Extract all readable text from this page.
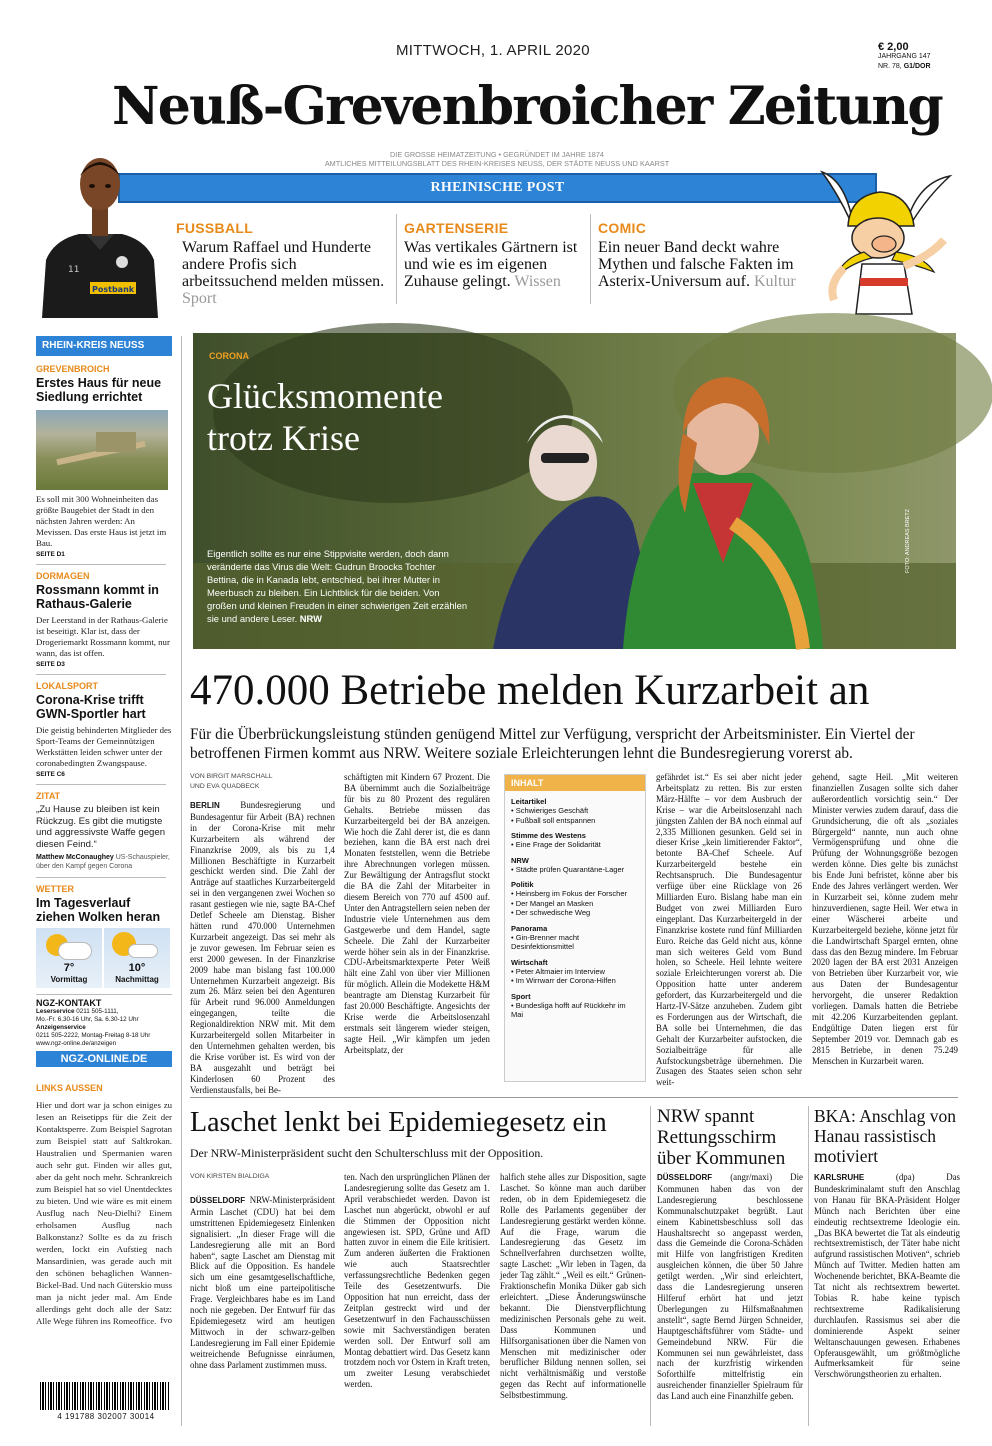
MITTWOCH, 1. APRIL 2020	€ 2,00
JAHRGANG 147
NR. 78, G1/DOR
Neuß-Grevenbroicher Zeitung
DIE GROSSE HEIMATZEITUNG • GEGRÜNDET IM JAHRE 1874
AMTLICHES MITTEILUNGSBLATT DES RHEIN-KREISES NEUSS, DER STÄDTE NEUSS UND KAARST
RHEINISCHE POST
Postbank
11
FUSSBALL
Warum Raffael und Hunderte andere Profis sich arbeitssuchend melden müssen. Sport
GARTENSERIE
Was vertikales Gärtnern ist und wie es im eigenen Zuhause gelingt. Wissen
COMIC
Ein neuer Band deckt wahre Mythen und falsche Fakten im Asterix-Universum auf. Kultur
RHEIN-KREIS NEUSS
GREVENBROICH
Erstes Haus für neue Siedlung errichtet
Es soll mit 300 Wohneinheiten das größte Baugebiet der Stadt in den nächsten Jahren werden: An Mevissen. Das erste Haus ist jetzt im Bau.
SEITE D1
DORMAGEN
Rossmann kommt in Rathaus-Galerie
Der Leerstand in der Rathaus-Galerie ist beseitigt. Klar ist, dass der Drogeriemarkt Rossmann kommt, nur wann, das ist offen.
SEITE D3
LOKALSPORT
Corona-Krise trifft GWN-Sportler hart
Die geistig behinderten Mitglieder des Sport-Teams der Gemeinnützigen Werkstätten leiden schwer unter der coronabedingten Zwangspause.
SEITE C6
ZITAT
„Zu Hause zu bleiben ist kein Rückzug. Es gibt die mutigste und aggressivste Waffe gegen diesen Feind.“
Matthew McConaughey US-Schauspieler, über den Kampf gegen Corona
WETTER
Im Tagesverlauf ziehen Wolken heran
7°
Vormittag
10°
Nachmittag
NGZ-KONTAKT
Leserservice 0211 505-1111,
Mo.-Fr. 6.30-16 Uhr, Sa. 6.30-12 Uhr
Anzeigenservice
0211 505-2222, Montag-Freitag 8-18 Uhr
www.ngz-online.de/anzeigen
NGZ-ONLINE.DE
LINKS AUSSEN
Hier und dort war ja schon einiges zu lesen an Reisetipps für die Zeit der Kontaktsperre. Zum Beispiel Sagrotan zum Beispiel statt auf Saltkrokan. Haustralien und Spermanien waren auch sehr gut. Finden wir alles gut, aber da geht noch mehr. Schrankreich zum Beispiel hat so viel Unentdecktes zu bieten. Und wie wäre es mit einem Ausflug nach Neu-Dielhi? Einem erholsamen Ausflug nach Balkonstanz? Sollte es da zu frisch werden, lockt ein Aufstieg nach Mansardinien, was gerade auch mit den schönen behaglichen Wannen-Bickel-Bad. Und nach Güterskio muss man ja nicht jeder mal. Am Ende allerdings geht doch alle der Satz: Alle Wege führen ins Romeoffice. fvo
4 191788 302007 30014
CORONA
Glücksmomente trotz Krise
Eigentlich sollte es nur eine Stippvisite werden, doch dann veränderte das Virus die Welt: Gudrun Broocks Tochter Bettina, die in Kanada lebt, entschied, bei ihrer Mutter in Meerbusch zu bleiben. Ein Lichtblick für die beiden. Von großen und kleinen Freuden in einer schwierigen Zeit erzählen sie und andere Leser. NRW
FOTO: ANDREAS BRETZ
470.000 Betriebe melden Kurzarbeit an
Für die Überbrückungsleistung stünden genügend Mittel zur Verfügung, verspricht der Arbeitsminister. Ein Viertel der betroffenen Firmen kommt aus NRW. Weitere soziale Erleichterungen lehnt die Bundesregierung vorerst ab.
VON BIRGIT MARSCHALL
UND EVA QUADBECK
BERLIN Bundesregierung und Bundesagentur für Arbeit (BA) rechnen in der Corona-Krise mit mehr Kurzarbeitern als während der Finanzkrise 2009, als bis zu 1,4 Millionen Beschäftigte in Kurzarbeit geschickt werden sind. Die Zahl der Anträge auf staatliches Kurzarbeitergeld sei in den vergangenen zwei Wochen so rasant gestiegen wie nie, sagte BA-Chef Detlef Scheele am Dienstag. Bisher hätten rund 470.000 Unternehmen Kurzarbeit angezeigt. Das sei mehr als je zuvor gewesen. Im Februar seien es erst 2000 gewesen. In der Finanzkrise 2009 habe man bislang fast 100.000 Unternehmen Kurzarbeit angezeigt. Bis zum 26. März seien bei den Agenturen für Arbeit rund 96.000 Anmeldungen eingegangen, teilte die Regionaldirektion NRW mit. Mit dem Kurzarbeitergeld sollen Mitarbeiter in den Unternehmen gehalten werden, bis die Krise vorüber ist. Es wird von der BA ausgezahlt und beträgt bei Kinderlosen 60 Prozent des Verdienstausfalls, bei Be-
schäftigten mit Kindern 67 Prozent. Die BA übernimmt auch die Sozialbeiträge für bis zu 80 Prozent des regulären Gehalts. Betriebe müssen das Kurzarbeitergeld bei der BA anzeigen. Wie hoch die Zahl derer ist, die es dann beziehen, kann die BA erst nach drei Monaten feststellen, wenn die Betriebe ihre Abrechnungen vorlegen müssen. Zur Bewältigung der Antragsflut stockt die BA die Zahl der Mitarbeiter in diesem Bereich von 770 auf 4500 auf. Unter den Antragstellern seien neben der Industrie viele Unternehmen aus dem Gastgewerbe und dem Handel, sagte Scheele. Die Zahl der Kurzarbeiter werde höher sein als in der Finanzkrise. CDU-Arbeitsmarktexperte Peter Weiß hält eine Zahl von über vier Millionen für möglich. Allein die Modekette H&M beantragte am Dienstag Kurzarbeit für fast 20.000 Beschäftigte. Angesichts der Krise werde die Arbeitslosenzahl erstmals seit längerem wieder steigen, sagte Heil. „Wir kämpfen um jeden Arbeitsplatz, der
INHALT
Leitartikel
• Schwieriges Geschäft
• Fußball soll entspannen
Stimme des Westens
• Eine Frage der Solidarität
NRW
• Städte prüfen Quarantäne-Lager
Politik
• Heinsberg im Fokus der Forscher
• Der Mangel an Masken
• Der schwedische Weg
Panorama
• Gin-Brenner macht Desinfektionsmittel
Wirtschaft
• Peter Altmaier im Interview
• Im Wirrwarr der Corona-Hilfen
Sport
• Bundesliga hofft auf Rückkehr im Mai
gefährdet ist.“ Es sei aber nicht jeder Arbeitsplatz zu retten. Bis zur ersten März-Hälfte – vor dem Ausbruch der Krise – war die Arbeitslosenzahl nach jüngsten Zahlen der BA noch einmal auf 2,335 Millionen gesunken. Geld sei in dieser Krise „kein limitierender Faktor“, betonte BA-Chef Scheele. Auf Kurzarbeitergeld bestehe ein Rechtsanspruch. Die Bundesagentur verfüge über eine Rücklage von 26 Milliarden Euro. Bislang habe man ein Budget von zwei Milliarden Euro eingeplant. Das Kurzarbeitergeld in der Finanzkrise kostete rund fünf Milliarden Euro. Reiche das Geld nicht aus, könne man sich weiteres Geld vom Bund holen, so Scheele. Heil lehnte weitere soziale Erleichterungen vorerst ab. Die Opposition hatte unter anderem gefordert, das Kurzarbeitergeld und die Hartz-IV-Sätze anzuheben. Zudem gibt es Forderungen aus der Wirtschaft, die BA solle bei Unternehmen, die das Gehalt der Kurzarbeiter aufstocken, die Sozialbeiträge für alle Aufstockungsbeträge übernehmen. Die Zusagen des Staates seien schon sehr weit-
gehend, sagte Heil. „Mit weiteren finanziellen Zusagen sollte sich daher außerordentlich vorsichtig sein.“ Der Minister verwies zudem darauf, dass die Grundsicherung, die oft als „soziales Bürgergeld“ nannte, nun auch ohne Vermögensprüfung und ohne die Prüfung der Wohnungsgröße bezogen werden könne. Dies gelte bis zunächst bis Ende Juni befristet, könne aber bis Ende des Jahres verlängert werden. Wer in Kurzarbeit sei, könne zudem mehr hinzuverdienen, sagte Heil. Wer etwa in einer Wäscherei arbeite und Kurzarbeitergeld beziehe, könne jetzt für die Landwirtschaft Spargel ernten, ohne dass das den Bezug mindere. Im Februar 2020 lagen der BA erst 2031 Anzeigen von Betrieben über Kurzarbeit vor, wie aus Daten der Bundesagentur hervorgeht, die unserer Redaktion vorliegen. Damals hatten die Betriebe mit 42.206 Kurzarbeitenden geplant. Endgültige Daten liegen erst für September 2019 vor. Demnach gab es 2815 Betriebe, in denen 75.249 Menschen in Kurzarbeit waren.
Laschet lenkt bei Epidemiegesetz ein
Der NRW-Ministerpräsident sucht den Schulterschluss mit der Opposition.
VON KIRSTEN BIALDIGA
DÜSSELDORF NRW-Ministerpräsident Armin Laschet (CDU) hat bei dem umstrittenen Epidemiegesetz Einlenken signalisiert. „In dieser Frage will die Landesregierung alle mit an Bord haben“, sagte Laschet am Dienstag mit Blick auf die Opposition. Es handele sich um eine gesamtgesellschaftliche, nicht bloß um eine parteipolitische Frage. Vergleichbares habe es im Land noch nie gegeben. Der Entwurf für das Epidemiegesetz wird am heutigen Mittwoch in der schwarz-gelben Landesregierung im Fall einer Epidemie weitreichende Befugnisse einräumen, ohne dass Parlament zustimmen muss.
ten. Nach den ursprünglichen Plänen der Landesregierung sollte das Gesetz am 1. April verabschiedet werden. Davon ist Laschet nun abgerückt, obwohl er auf die Stimmen der Opposition nicht angewiesen ist. SPD, Grüne und AfD hatten zuvor in einem die Eile kritisiert. Zum anderen äußerten die Fraktionen wie auch Staatsrechtler verfassungsrechtliche Bedenken gegen Teile des Gesetzentwurfs. Die Opposition hat nun erreicht, dass der Zeitplan gestreckt wird und der Gesetzentwurf in den Fachausschüssen sowie mit Sachverständigen beraten werden soll. Der Entwurf soll am Montag debattiert wird. Das Gesetz kann trotzdem noch vor Ostern in Kraft treten, um zweiter Lesung verabschiedet werden.
halfich stehe alles zur Disposition, sagte Laschet. So könne man auch darüber reden, ob in dem Epidemiegesetz die Rolle des Parlaments gegenüber der Landesregierung gestärkt werden könne. Auf die Frage, warum die Landesregierung das Gesetz im Schnellverfahren durchsetzen wollte, sagte Laschet: „Wir leben in Tagen, da jeder Tag zählt.“ „Weil es eilt.“ Grünen-Fraktionschefin Monika Düker gab sich erleichtert. „Diese Änderungswünsche bekannt. Die Dienstverpflichtung medizinischen Personals gehe zu weit. Dass Kommunen und Hilfsorganisationen über die Namen von Menschen mit medizinischer oder beruflicher Bildung nennen sollen, sei nicht verhältnismäßig und verstoße gegen das Recht auf informationelle Selbstbestimmung.
NRW spannt Rettungsschirm über Kommunen
DÜSSELDORF (angr/maxi) Die Kommunen haben das von der Landesregierung beschlossene Kommunalschutzpaket begrüßt. Laut einem Kabinettsbeschluss soll das Haushaltsrecht so angepasst werden, dass die Gemeinde die Corona-Schäden mit Hilfe von langfristigen Krediten ausgleichen können, die über 50 Jahre getilgt werden. „Wir sind erleichtert, dass die Landesregierung unseren Hilferuf erhört hat und jetzt Überlegungen zu Hilfsmaßnahmen anstellt“, sagte Bernd Jürgen Schneider, Hauptgeschäftsführer vom Städte- und Gemeindebund NRW. Für die Kommunen sei nun gewährleistet, dass nach der kurzfristig wirkenden Soforthilfe mittelfristig ein ausreichender finanzieller Spielraum für das Land auch eine Finanzhilfe geben.
BKA: Anschlag von Hanau rassistisch motiviert
KARLSRUHE	(dpa) Das Bundeskriminalamt stuft den Anschlag von Hanau für BKA-Präsident Holger Münch nach Berichten über eine eindeutig rechtsextreme Ideologie ein. „Das BKA bewertet die Tat als eindeutig rechtsextremistisch, der Täter habe nicht aufgrund rassistischen Motiven“, schrieb Münch auf Twitter. Medien hatten am Wochenende berichtet, BKA-Beamte die Tat nicht als rechtsextrem bewertet. Tobias R. habe keine typisch rechtsextreme Radikalisierung durchlaufen. Rassismus sei aber die dominierende Aspekt seiner Weltanschauungen gewesen. Erhabenes Opferausgewählt, um größtmögliche Aufmerksamkeit für seine Verschwörungstheorien zu erhalten.
